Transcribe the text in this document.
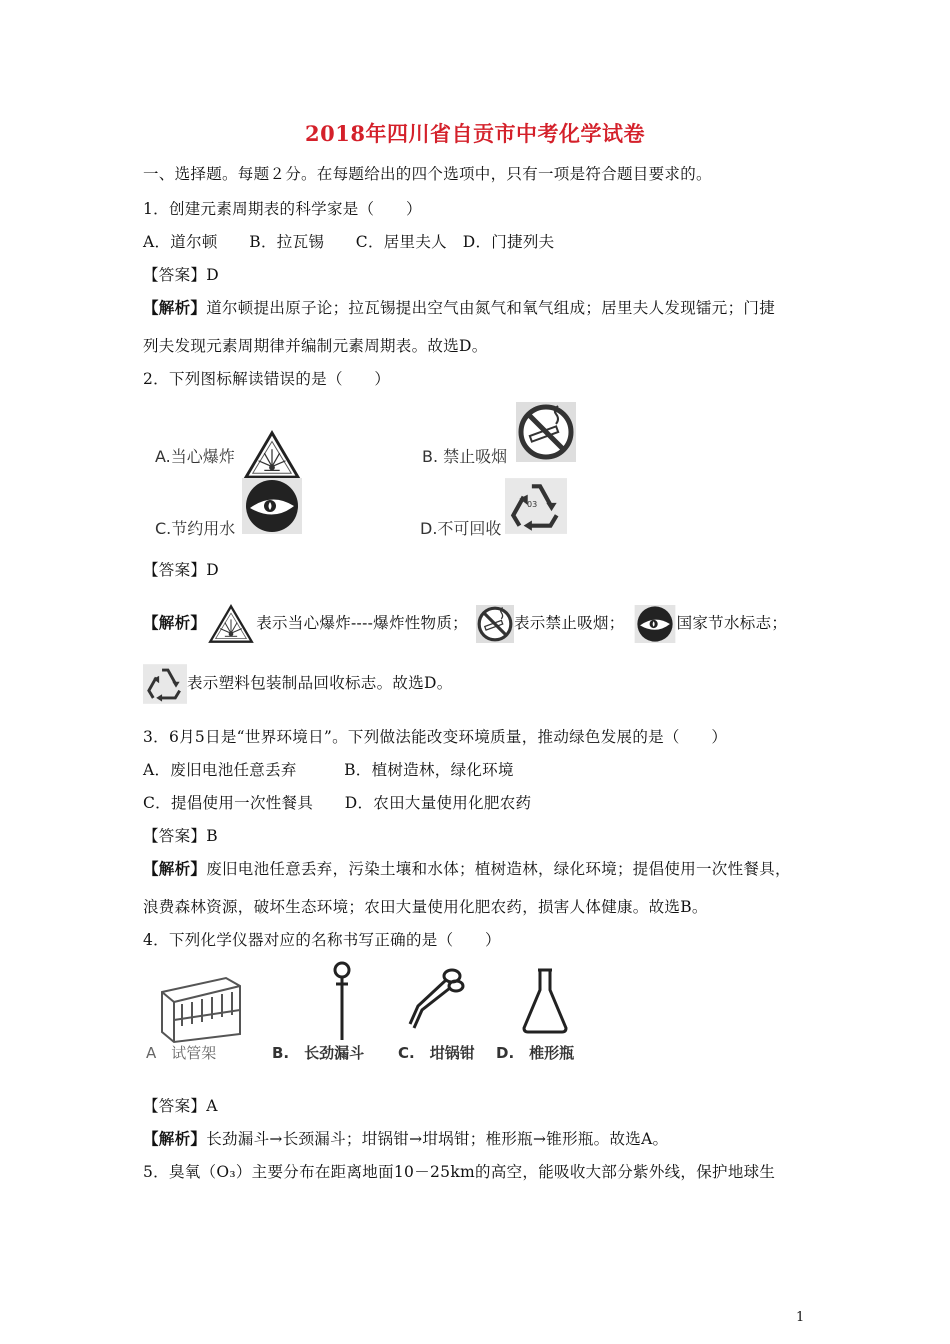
2018年四川省自贡市中考化学试卷
一、选择题。每题２分。在每题给出的四个选项中，只有一项是符合题目要求的。
1．创建元素周期表的科学家是（　　）
A．道尔顿　　B．拉瓦锡　　C．居里夫人　D．门捷列夫
【答案】D
【解析】道尔顿提出原子论；拉瓦锡提出空气由氮气和氧气组成；居里夫人发现镭元；门捷
列夫发现元素周期律并编制元素周期表。故选D。
2．下列图标解读错误的是（　　）
A.当心爆炸	B. 禁止吸烟
C.节约用水
03
D.不可回收
【答案】D
【解析】	表示当心爆炸----爆炸性物质；	表示禁止吸烟；	国家节水标志；
表示塑料包装制品回收标志。故选D。
3．6月5日是“世界环境日”。下列做法能改变环境质量，推动绿色发展的是（　　）
A．废旧电池任意丢弃　　　B．植树造林，绿化环境
C．提倡使用一次性餐具　　D．农田大量使用化肥农药
【答案】B
【解析】废旧电池任意丢弃，污染土壤和水体；植树造林，绿化环境；提倡使用一次性餐具，
浪费森林资源，破坏生态环境；农田大量使用化肥农药，损害人体健康。故选B。
4．下列化学仪器对应的名称书写正确的是（　　）
A　试管架	B.　长劲漏斗 C.　坩锅钳 D.　椎形瓶
【答案】A
【解析】长劲漏斗→长颈漏斗；坩锅钳→坩埚钳；椎形瓶→锥形瓶。故选A。
5．臭氧（O₃）主要分布在距离地面10－25km的高空，能吸收大部分紫外线，保护地球生
1
